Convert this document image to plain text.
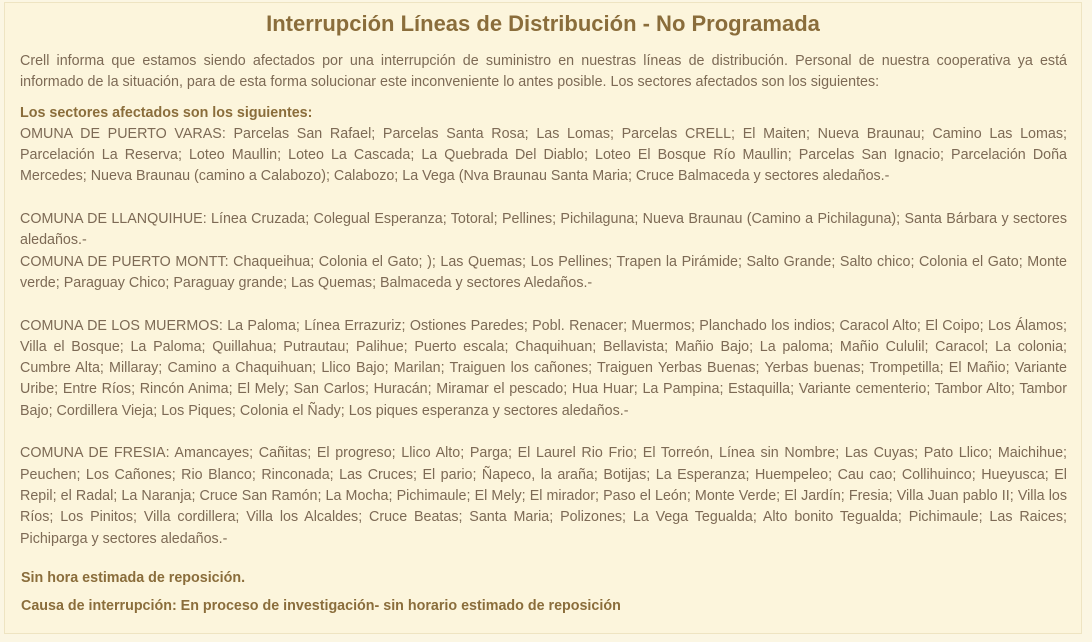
Interrupción Líneas de Distribución - No Programada

Crell informa que estamos siendo afectados por una interrupción de suministro en nuestras líneas de distribución. Personal de nuestra cooperativa ya está informado de la situación, para de esta forma solucionar este inconveniente lo antes posible. Los sectores afectados son los siguientes:

Los sectores afectados son los siguientes:

OMUNA DE PUERTO VARAS: Parcelas San Rafael; Parcelas Santa Rosa; Las Lomas; Parcelas CRELL; El Maiten; Nueva Braunau; Camino Las Lomas; Parcelación La Reserva; Loteo Maullin; Loteo La Cascada; La Quebrada Del Diablo; Loteo El Bosque Río Maullin; Parcelas San Ignacio; Parcelación Doña Mercedes; Nueva Braunau (camino a Calabozo); Calabozo; La Vega (Nva Braunau Santa Maria; Cruce Balmaceda y sectores aledaños.-

COMUNA DE LLANQUIHUE: Línea Cruzada; Colegual Esperanza; Totoral; Pellines; Pichilaguna; Nueva Braunau (Camino a Pichilaguna); Santa Bárbara y sectores aledaños.-

COMUNA DE PUERTO MONTT: Chaqueihua; Colonia el Gato; ); Las Quemas; Los Pellines; Trapen la Pirámide; Salto Grande; Salto chico; Colonia el Gato; Monte verde; Paraguay Chico; Paraguay grande; Las Quemas; Balmaceda y sectores Aledaños.-

COMUNA DE LOS MUERMOS: La Paloma; Línea Errazuriz; Ostiones Paredes; Pobl. Renacer; Muermos; Planchado los indios; Caracol Alto; El Coipo; Los Álamos; Villa el Bosque; La Paloma; Quillahua; Putrautau; Palihue; Puerto escala; Chaquihuan; Bellavista; Mañio Bajo; La paloma; Mañio Cululil; Caracol; La colonia; Cumbre Alta; Millaray; Camino a Chaquihuan; Llico Bajo; Marilan; Traiguen los cañones; Traiguen Yerbas Buenas; Yerbas buenas; Trompetilla; El Mañio; Variante Uribe; Entre Ríos; Rincón Anima; El Mely; San Carlos; Huracán; Miramar el pescado; Hua Huar; La Pampina; Estaquilla; Variante cementerio; Tambor Alto; Tambor Bajo; Cordillera Vieja; Los Piques; Colonia el Ñady; Los piques esperanza y sectores aledaños.-

COMUNA DE FRESIA: Amancayes; Cañitas; El progreso; Llico Alto; Parga; El Laurel Rio Frio; El Torreón, Línea sin Nombre; Las Cuyas; Pato Llico; Maichihue; Peuchen; Los Cañones; Rio Blanco; Rinconada; Las Cruces; El pario; Ñapeco, la araña; Botijas; La Esperanza; Huempeleo; Cau cao; Collihuinco; Hueyusca; El Repil; el Radal; La Naranja; Cruce San Ramón; La Mocha; Pichimaule; El Mely; El mirador; Paso el León; Monte Verde; El Jardín; Fresia; Villa Juan pablo II; Villa los Ríos; Los Pinitos; Villa cordillera; Villa los Alcaldes; Cruce Beatas; Santa Maria; Polizones; La Vega Tegualda; Alto bonito Tegualda; Pichimaule; Las Raices; Pichiparga y sectores aledaños.-

Sin hora estimada de reposición.
Causa de interrupción: En proceso de investigación- sin horario estimado de reposición
